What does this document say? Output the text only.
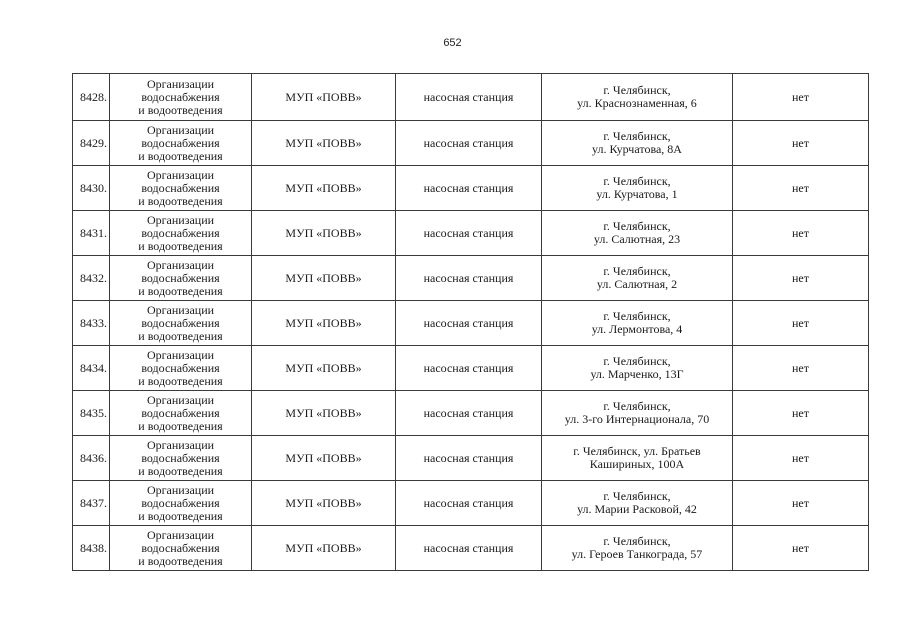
652
8428.	Организации
водоснабжения
и водоотведения	МУП «ПОВВ»	насосная станция	г. Челябинск,
ул. Краснознаменная, 6	нет
8429.	Организации
водоснабжения
и водоотведения	МУП «ПОВВ»	насосная станция	г. Челябинск,
ул. Курчатова, 8А	нет
8430.	Организации
водоснабжения
и водоотведения	МУП «ПОВВ»	насосная станция	г. Челябинск,
ул. Курчатова, 1	нет
8431.	Организации
водоснабжения
и водоотведения	МУП «ПОВВ»	насосная станция	г. Челябинск,
ул. Салютная, 23	нет
8432.	Организации
водоснабжения
и водоотведения	МУП «ПОВВ»	насосная станция	г. Челябинск,
ул. Салютная, 2	нет
8433.	Организации
водоснабжения
и водоотведения	МУП «ПОВВ»	насосная станция	г. Челябинск,
ул. Лермонтова, 4	нет
8434.	Организации
водоснабжения
и водоотведения	МУП «ПОВВ»	насосная станция	г. Челябинск,
ул. Марченко, 13Г	нет
8435.	Организации
водоснабжения
и водоотведения	МУП «ПОВВ»	насосная станция	г. Челябинск,
ул. 3-го Интернационала, 70	нет
8436.	Организации
водоснабжения
и водоотведения	МУП «ПОВВ»	насосная станция	г. Челябинск, ул. Братьев
Кашириных, 100А	нет
8437.	Организации
водоснабжения
и водоотведения	МУП «ПОВВ»	насосная станция	г. Челябинск,
ул. Марии Расковой, 42	нет
8438.	Организации
водоснабжения
и водоотведения	МУП «ПОВВ»	насосная станция	г. Челябинск,
ул. Героев Танкограда, 57	нет
